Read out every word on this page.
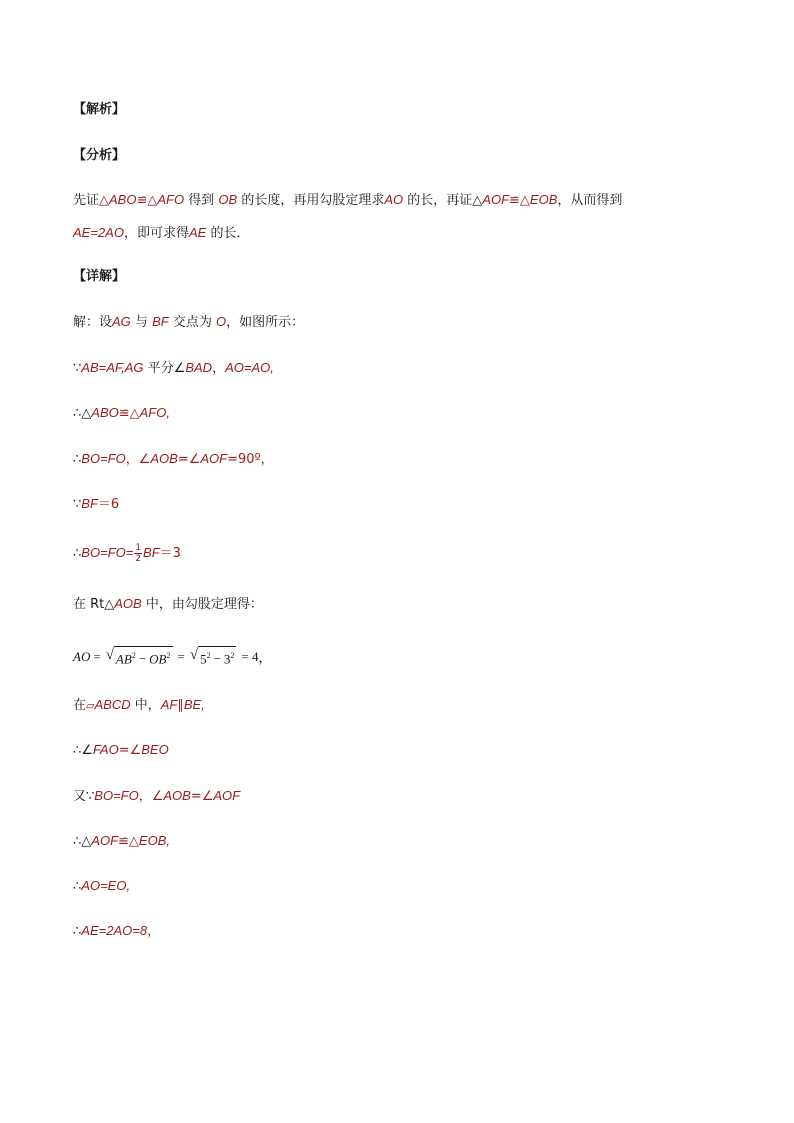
【解析】
【分析】
先证△ABO≌△AFO 得到 OB 的长度，再用勾股定理求AO 的长，再证△AOF≌△EOB，从而得到
AE=2AO，即可求得AE 的长．
【详解】
解：设AG 与 BF 交点为 O，如图所示：
∵AB=AF,AG 平分∠BAD，AO=AO,
∴△ABO≌△AFO,
∴BO=FO，∠AOB=∠AOF=90º，
∵BF＝6
∴BO=FO= $\frac{1}{2} BF=3$
在 Rt△AOB 中，由勾股定理得：
AO = √ $AB^2 - OB^2$ = √ $5^2 - 3^2 = 4$ ，
在▱ABCD 中，AF∥BE,
∴∠FAO=∠BEO
又∵BO=FO，∠AOB=∠AOF
∴△AOF≌△EOB,
∴AO=EO,
∴AE=2AO=8，
